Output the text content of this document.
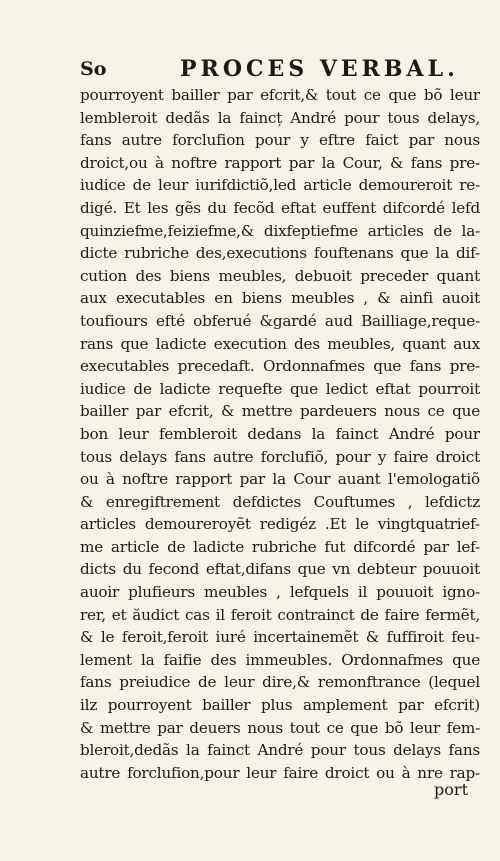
So	PROCES VERBAL.
pourroyent bailler par efcrit,& tout ce que bõ leur
lembleroit dedãs la faincț André pour tous delays,
fans autre forclufion pour y eftre faict par nous
droict,ou à noftre rapport par la Cour, & fans pre-
iudice de leur iurifdictiõ,led article demoureroit re-
digé. Et les gẽs du fecõd eftat euffent difcordé lefd
quinziefme,feiziefme,& dixfeptiefme articles de la-
dicte rubriche des,executions fouftenans que la dif-
cution des biens meubles, debuoit preceder quant
aux executables en biens meubles , & ainfi auoit
toufiours efté obferué &gardé aud Bailliage,reque-
rans que ladicte execution des meubles, quant aux
executables precedaft. Ordonnafmes que fans pre-
iudice de ladicte requefte que ledict eftat pourroit
bailler par efcrit, & mettre pardeuers nous ce que
bon leur fembleroit dedans la fainct André pour
tous delays fans autre forclufiõ, pour y faire droict
ou à noftre rapport par la Cour auant l'emologatiõ
& enregiftrement defdictes Couftumes , lefdictz
articles demoureroyẽt redigéz .Et le vingtquatrief-
me article de ladicte rubriche fut difcordé par lef-
dicts du fecond eftat,difans que vn debteur pouuoit
auoir plufieurs meubles , lefquels il pouuoit igno-
rer, et ăudict cas il feroit contrainct de faire fermẽt,
& le feroit,feroit iuré incertainemẽt & fuffiroit feu-
lement la faifie des immeubles. Ordonnafmes que
fans preiudice de leur dire,& remonftrance (lequel
ilz pourroyent bailler plus amplement par efcrit)
& mettre par deuers nous tout ce que bõ leur fem-
bleroit,dedãs la fainct André pour tous delays fans
autre forclufion,pour leur faire droict ou à nre rap-
port
